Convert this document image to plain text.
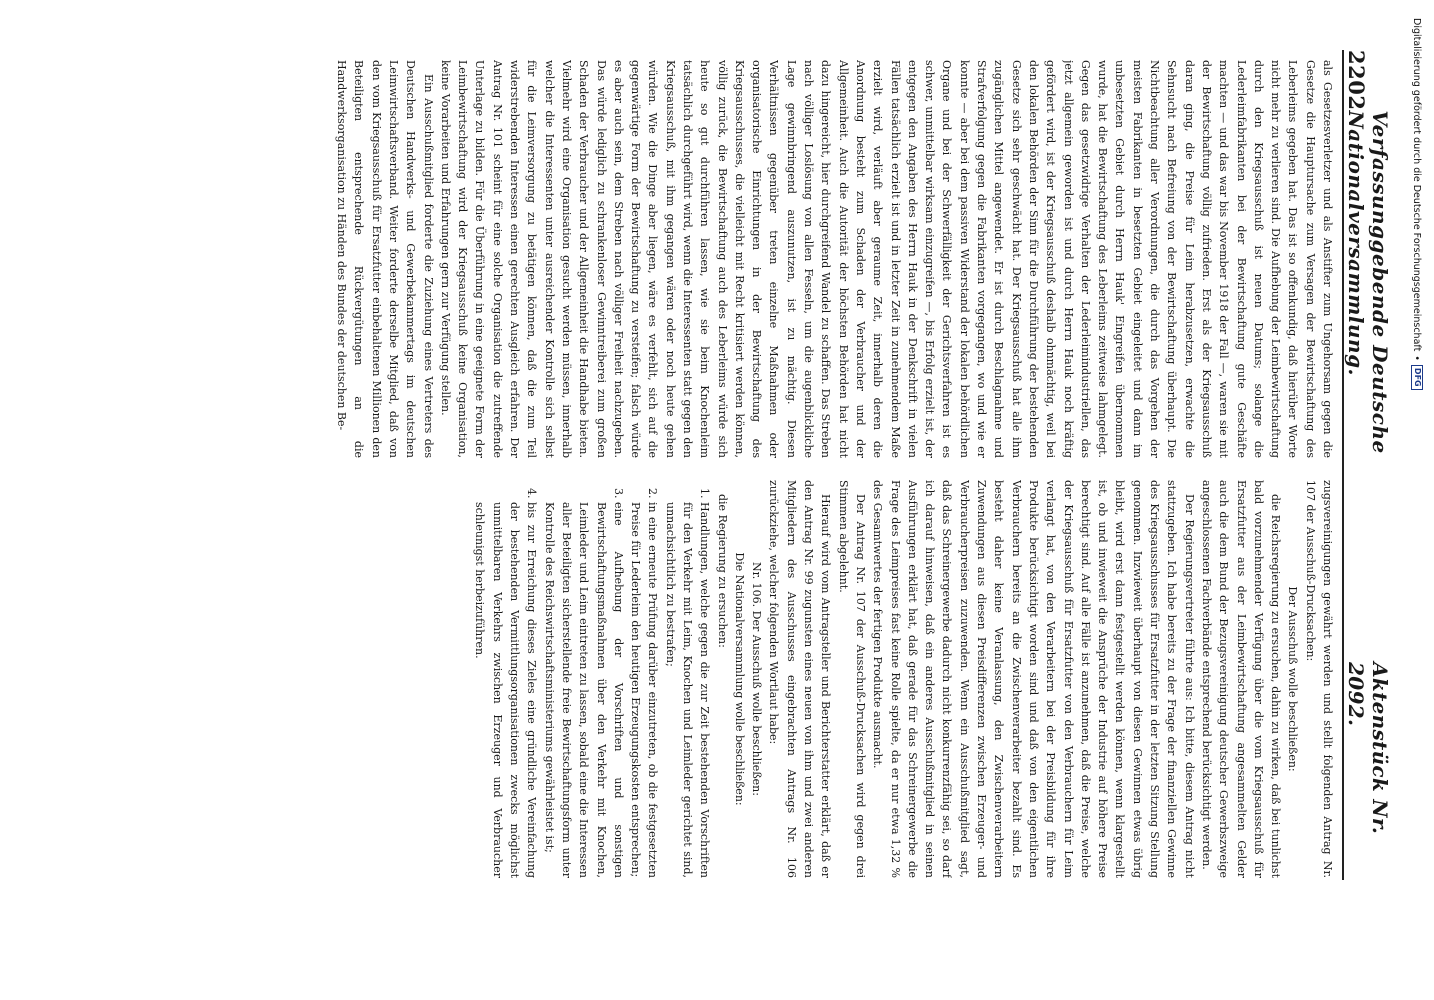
Digitalisierung gefördert durch die Deutsche Forschungsgemeinschaft
•
DFG
2202
Verfassunggebende Deutsche Nationalversammlung.
Aktenstück Nr. 2092.

als Gesetzesverletzer und als Anstifter zum Ungehorsam gegen die Gesetze die Hauptursache zum Versagen der Bewirtschaftung des Leberleims gegeben hat. Das ist so offenkundig, daß hierüber Worte nicht mehr zu verlieren sind. Die Aufhebung der Leimbewirtschaftung durch den Kriegsausschuß ist neuen Datums; solange die Lederleimfabrikanten bei der Bewirtschaftung gute Geschäfte machten — und das war bis November 1918 der Fall —, waren sie mit der Bewirtschaftung völlig zufrieden. Erst als der Kriegsausschuß daran ging, die Preise für Leim herabzusetzen, erwachte die Sehnsucht nach Befreiung von der Bewirtschaftung überhaupt. Die Nichtbeachtung aller Verordnungen, die durch das Vorgehen der meisten Fabrikanten in besetzten Gebiet eingeleitet und dann im unbesetzten Gebiet durch Herrn Hauk' Eingreifen übernommen wurde, hat die Bewirtschaftung des Leberleims zeitweise lahmgelegt. Gegen das gesetzwidrige Verhalten der Lederleimindustriellen, das jetzt allgemein geworden ist und durch Herrn Hauk noch kräftig gefördert wird, ist der Kriegsausschuß deshalb ohnmächtig, weil bei den lokalen Behörden der Sinn für die Durchführung der bestehenden Gesetze sich sehr geschwächt hat. Der Kriegsausschuß hat alle ihm zugänglichen Mittel angewendet. Er ist durch Beschlagnahme und Strafverfolgung gegen die Fabrikanten vorgegangen, wo und wie er konnte — aber bei dem passiven Widerstand der lokalen behördlichen Organe und bei der Schwerfälligkeit der Gerichtsverfahren ist es schwer, unmittelbar wirksam einzugreifen —, bis Erfolg erzielt ist, der entgegen den Angaben des Herrn Hauk in der Denkschrift in vielen Fällen tatsächlich erzielt ist und in letzter Zeit in zunehmendem Maße erzielt wird, verläuft aber geraume Zeit, innerhalb deren die Anordnung besteht zum Schaden der Verbraucher und der Allgemeinheit. Auch die Autorität der höchsten Behörden hat nicht dazu hingereicht, hier durchgreifend Wandel zu schaffen. Das Streben nach völliger Loslösung von allen Fesseln, um die augenblickliche Lage gewinnbringend auszunutzen, ist zu mächtig. Diesen Verhältnissen gegenüber treten einzelne Maßnahmen oder organisatorische Einrichtungen in der Bewirtschaftung des Kriegsausschusses, die vielleicht mit Recht kritisiert werden können, völlig zurück, die Bewirtschaftung auch des Leberleims würde sich heute so gut durchführen lassen, wie sie beim Knochenleim tatsächlich durchgeführt wird, wenn die Interessenten statt gegen den Kriegsausschuß, mit ihm gegangen wären oder noch heute gehen würden. Wie die Dinge aber liegen, wäre es verfehlt, sich auf die gegenwärtige Form der Bewirtschaftung zu versteifen; falsch würde es aber auch sein, dem Streben nach völliger Freiheit nachzugeben. Das würde lediglich zu schrankenloser Gewinntreiberei zum großen Schaden der Verbraucher und der Allgemeinheit die Handhabe bieten. Vielmehr wird eine Organisation gesucht werden müssen, innerhalb welcher die Interessenten unter ausreichender Kontrolle sich selbst für die Leimversorgung zu betätigen können, daß die zum Teil widerstrebenden Interessen einen gerechten Ausgleich erfahren. Der Antrag Nr. 101 scheint für eine solche Organisation die zutreffende Unterlage zu bilden. Für die Überführung in eine geeignete Form der Leimbewirtschaftung wird der Kriegsausschuß keine Organisation, keine Vorarbeiten und Erfahrungen gern zur Verfügung stellen.

Ein Ausschußmitglied forderte die Zuziehung eines Vertreters des Deutschen Handwerks- und Gewerbekammertags im deutschen Leimwirtschaftsverband. Weiter forderte derselbe Mitglied, daß von den vom Kriegsausschuß für Ersatzfutter einbehaltenen Millionen den Beteiligten entsprechende Rückvergütungen an die Handwerksorganisation zu Händen des Bundes der deutschen Be-

zugsvereinigungen gewährt werden und stellt folgenden Antrag Nr. 107 der Ausschuß-Drucksachen:

Der Ausschuß wolle beschließen:

die Reichsregierung zu ersuchen, dahin zu wirken, daß bei tunlichst bald vorzunehmender Verfügung über die vom Kriegsausschuß für Ersatzfutter aus der Leimbewirtschaftung angesammelten Gelder auch die dem Bund der Bezugsvereinigung deutscher Gewerbszweige angeschlossenen Fachverbände entsprechend berücksichtigt werden.

Der Regierungsvertreter führte aus: Ich bitte, diesem Antrag nicht stattzugeben. Ich habe bereits zu der Frage der finanziellen Gewinne des Kriegsausschusses für Ersatzfutter in der letzten Sitzung Stellung genommen. Inzwieweit überhaupt von diesen Gewinnen etwas übrig bleibt, wird erst dann festgestellt werden können, wenn klargestellt ist, ob und inwieweit die Ansprüche der Industrie auf höhere Preise berechtigt sind. Auf alle Fälle ist anzunehmen, daß die Preise, welche der Kriegsausschuß für Ersatzfutter von den Verbrauchern für Leim verlangt hat, von den Verarbeitern bei der Preisbildung für ihre Produkte berücksichtigt worden sind und daß von den eigentlichen Verbrauchern bereits an die Zwischenverarbeiter bezahlt sind. Es besteht daher keine Veranlassung, den Zwischenverarbeitern Zuwendungen aus diesen Preisdifferenzen zwischen Erzeuger- und Verbraucherpreisen zuzuwenden. Wenn ein Ausschußmitglied sagt, daß das Schreinergewerbe dadurch nicht konkurrenzfähig sei, so darf ich darauf hinweisen, daß ein anderes Ausschußmitglied in seinen Ausführungen erklärt hat, daß gerade für das Schreinergewerbe die Frage des Leimpreises fast keine Rolle spielte, da er nur etwa 1,32 % des Gesamtwertes der fertigen Produkte ausmacht.

Der Antrag Nr. 107 der Ausschuß-Drucksachen wird gegen drei Stimmen abgelehnt.

Hierauf wird vom Antragsteller und Berichterstatter erklärt, daß er den Antrag Nr. 99 zugunsten eines neuen von ihm und zwei anderen Mitgliedern des Ausschusses eingebrachten Antrags Nr. 106 zurückziehe, welcher folgenden Wortlaut habe:

Nr. 106. Der Ausschuß wolle beschließen:

Die Nationalversammlung wolle beschließen:

die Regierung zu ersuchen:

1. Handlungen, welche gegen die zur Zeit bestehenden Vorschriften für den Verkehr mit Leim, Knochen und Leimleder gerichtet sind, unnachsichtlich zu bestrafen;
2. in eine erneute Prüfung darüber einzutreten, ob die festgesetzten Preise für Lederleim den heutigen Erzeugungskosten entsprechen;
3. eine Aufhebung der Vorschriften und sonstigen Bewirtschaftungsmaßnahmen über den Verkehr mit Knochen, Leimleder und Leim eintreten zu lassen, sobald eine die Interessen aller Beteiligten sicherstellende freie Bewirtschaftungsform unter Kontrolle des Reichswirtschaftsministeriums gewährleistet ist;
4. bis zur Erreichung dieses Zieles eine gründliche Vereinfachung der bestehenden Vermittlungsorganisationen zwecks möglichst unmittelbaren Verkehrs zwischen Erzeuger und Verbraucher schleunigst herbeizuführen.
